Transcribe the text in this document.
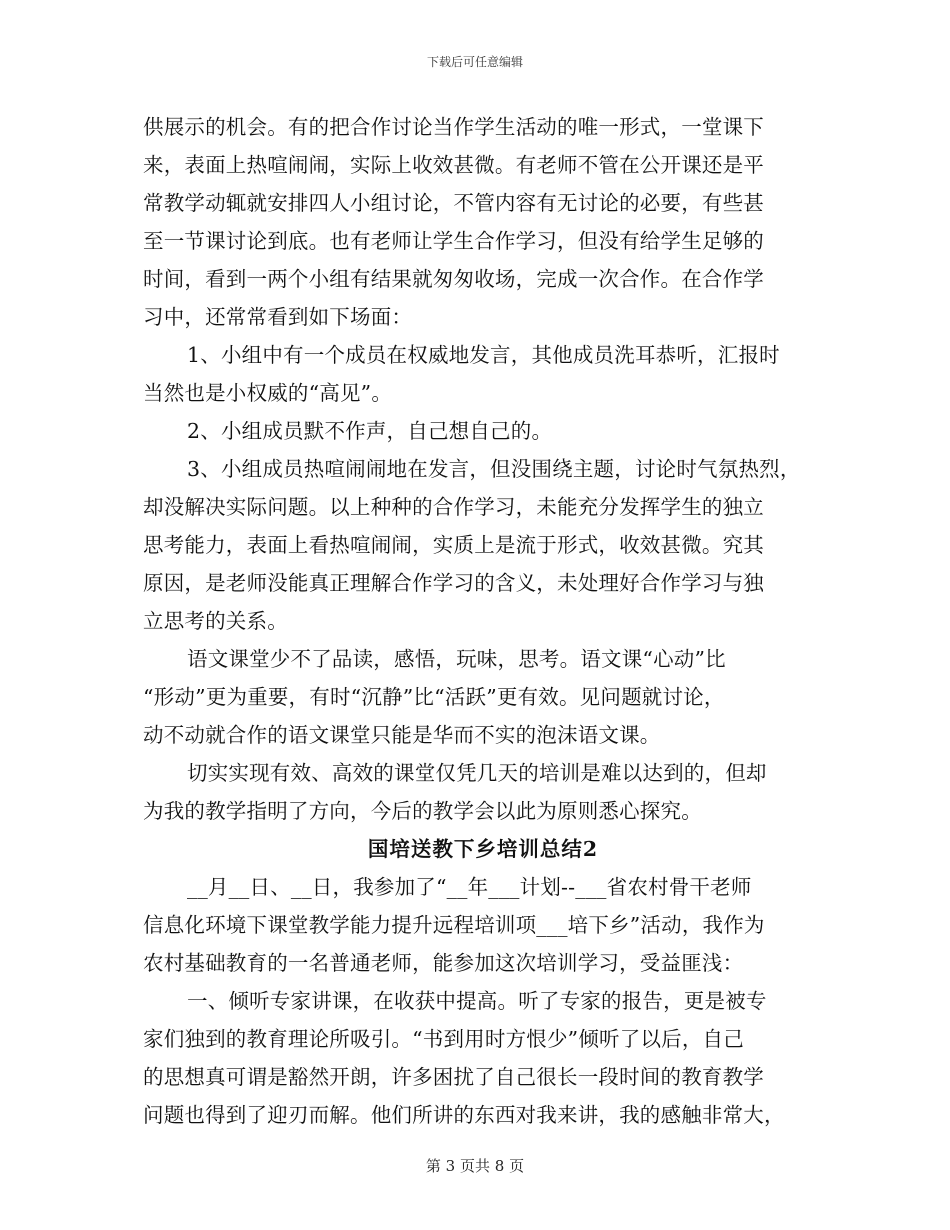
下载后可任意编辑
供展示的机会。有的把合作讨论当作学生活动的唯一形式，一堂课下
来，表面上热喧闹闹，实际上收效甚微。有老师不管在公开课还是平
常教学动辄就安排四人小组讨论，不管内容有无讨论的必要，有些甚
至一节课讨论到底。也有老师让学生合作学习，但没有给学生足够的
时间，看到一两个小组有结果就匆匆收场，完成一次合作。在合作学
习中，还常常看到如下场面：
1、小组中有一个成员在权威地发言，其他成员洗耳恭听，汇报时
当然也是小权威的“高见”。
2、小组成员默不作声，自己想自己的。
3、小组成员热喧闹闹地在发言，但没围绕主题，讨论时气氛热烈，
却没解决实际问题。以上种种的合作学习，未能充分发挥学生的独立
思考能力，表面上看热喧闹闹，实质上是流于形式，收效甚微。究其
原因，是老师没能真正理解合作学习的含义，未处理好合作学习与独
立思考的关系。
语文课堂少不了品读，感悟，玩味，思考。语文课“心动”比
“形动”更为重要，有时“沉静”比“活跃”更有效。见问题就讨论，
动不动就合作的语文课堂只能是华而不实的泡沫语文课。
切实实现有效、高效的课堂仅凭几天的培训是难以达到的，但却
为我的教学指明了方向，今后的教学会以此为原则悉心探究。
国培送教下乡培训总结2
__月__日、__日，我参加了“__年___计划--___省农村骨干老师
信息化环境下课堂教学能力提升远程培训项___培下乡”活动，我作为
农村基础教育的一名普通老师，能参加这次培训学习，受益匪浅：
一、倾听专家讲课，在收获中提高。听了专家的报告，更是被专
家们独到的教育理论所吸引。“书到用时方恨少”倾听了以后，自己
的思想真可谓是豁然开朗，许多困扰了自己很长一段时间的教育教学
问题也得到了迎刃而解。他们所讲的东西对我来讲，我的感触非常大，
第 3 页共 8 页
